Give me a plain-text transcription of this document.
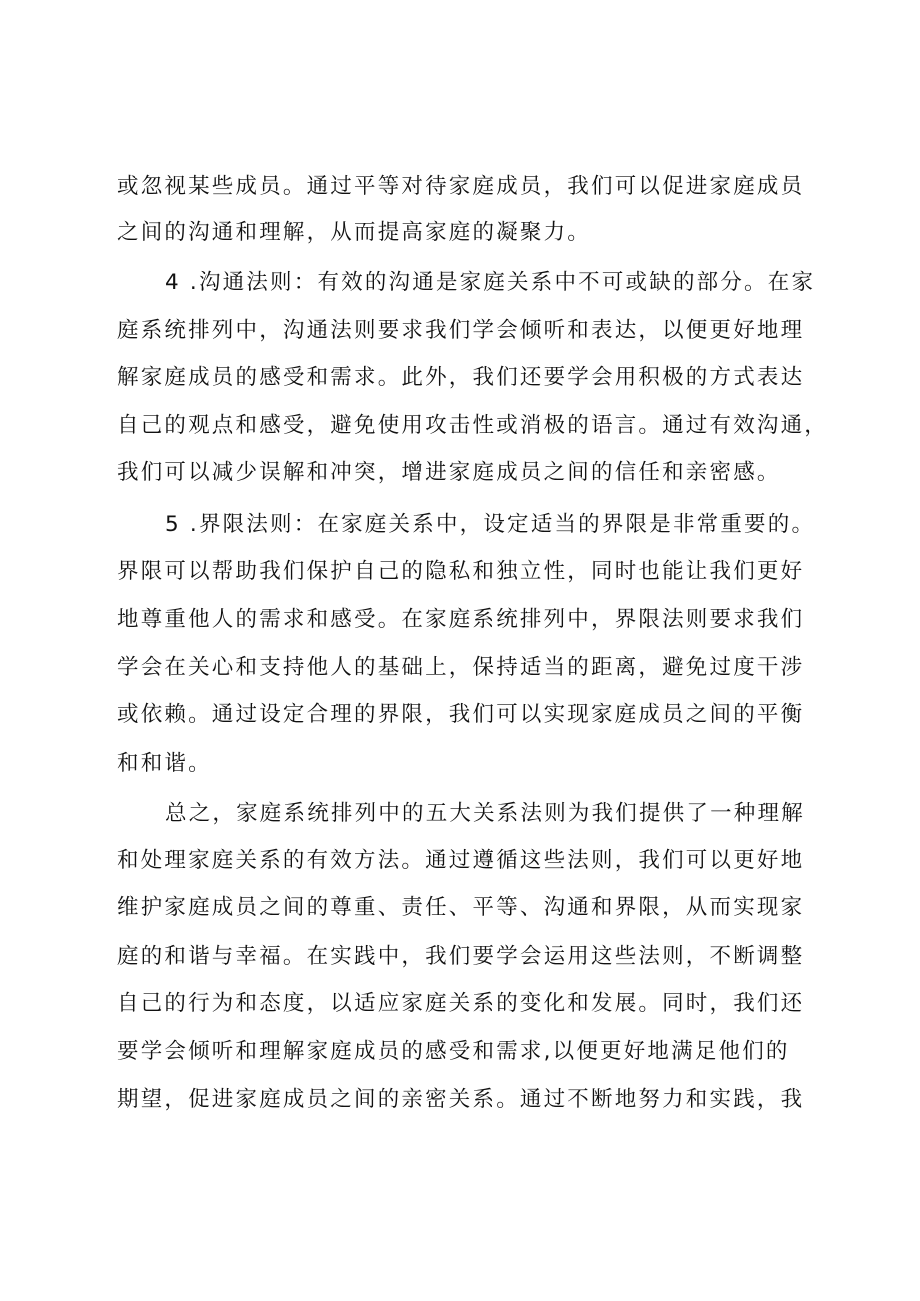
或忽视某些成员。通过平等对待家庭成员，我们可以促进家庭成员
之间的沟通和理解，从而提高家庭的凝聚力。
4 .沟通法则：有效的沟通是家庭关系中不可或缺的部分。在家
庭系统排列中，沟通法则要求我们学会倾听和表达，以便更好地理
解家庭成员的感受和需求。此外，我们还要学会用积极的方式表达
自己的观点和感受，避免使用攻击性或消极的语言。通过有效沟通，
我们可以减少误解和冲突，增进家庭成员之间的信任和亲密感。
5 .界限法则：在家庭关系中，设定适当的界限是非常重要的。
界限可以帮助我们保护自己的隐私和独立性，同时也能让我们更好
地尊重他人的需求和感受。在家庭系统排列中，界限法则要求我们
学会在关心和支持他人的基础上，保持适当的距离，避免过度干涉
或依赖。通过设定合理的界限，我们可以实现家庭成员之间的平衡
和和谐。
总之，家庭系统排列中的五大关系法则为我们提供了一种理解
和处理家庭关系的有效方法。通过遵循这些法则，我们可以更好地
维护家庭成员之间的尊重、责任、平等、沟通和界限，从而实现家
庭的和谐与幸福。在实践中，我们要学会运用这些法则，不断调整
自己的行为和态度，以适应家庭关系的变化和发展。同时，我们还
要学会倾听和理解家庭成员的感受和需求,以便更好地满足他们的
期望，促进家庭成员之间的亲密关系。通过不断地努力和实践，我
